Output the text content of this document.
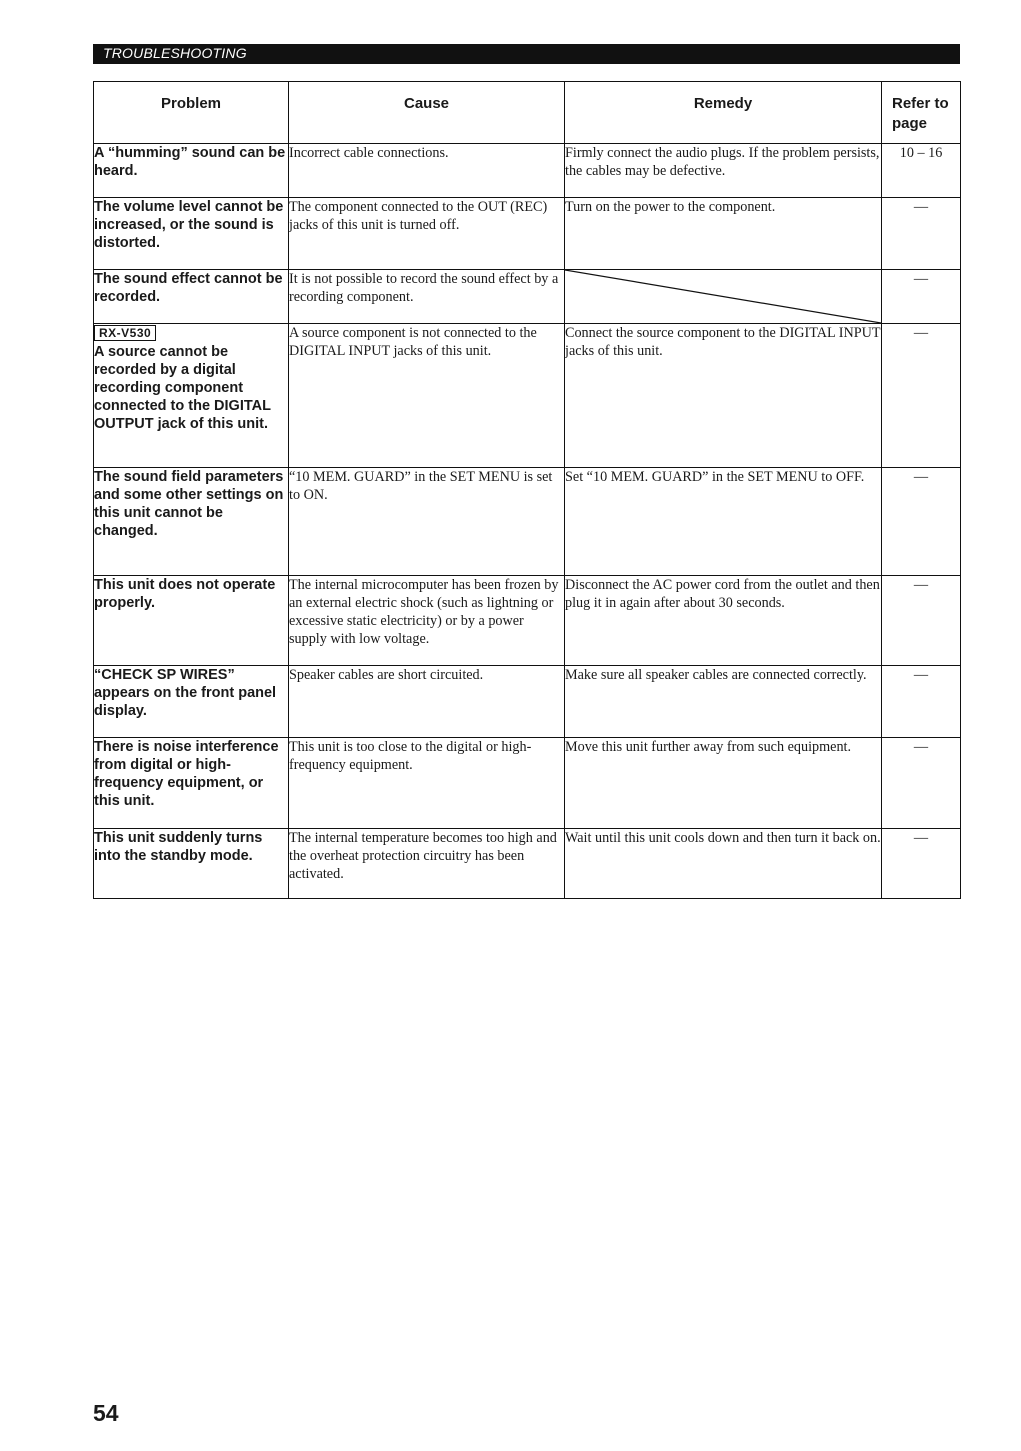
TROUBLESHOOTING
Problem	Cause	Remedy	Refer to page
A “humming” sound can be heard.	Incorrect cable connections.	Firmly connect the audio plugs. If the problem persists, the cables may be defective.	10 – 16
The volume level cannot be increased, or the sound is distorted.	The component connected to the OUT (REC) jacks of this unit is turned off.	Turn on the power to the component.	—
The sound effect cannot be recorded.	It is not possible to record the sound effect by a recording component.		—
RX-V530
A source cannot be recorded by a digital recording component connected to the DIGITAL OUTPUT jack of this unit.	A source component is not connected to the DIGITAL INPUT jacks of this unit.	Connect the source component to the DIGITAL INPUT jacks of this unit.	—
The sound field parameters and some other settings on this unit cannot be changed.	“10 MEM. GUARD” in the SET MENU is set to ON.	Set “10 MEM. GUARD” in the SET MENU to OFF.	—
This unit does not operate properly.	The internal microcomputer has been frozen by an external electric shock (such as lightning or excessive static electricity) or by a power supply with low voltage.	Disconnect the AC power cord from the outlet and then plug it in again after about 30 seconds.	—
“CHECK SP WIRES” appears on the front panel display.	Speaker cables are short circuited.	Make sure all speaker cables are connected correctly.	—
There is noise interference from digital or high-frequency equipment, or this unit.	This unit is too close to the digital or high-frequency equipment.	Move this unit further away from such equipment.	—
This unit suddenly turns into the standby mode.	The internal temperature becomes too high and the overheat protection circuitry has been activated.	Wait until this unit cools down and then turn it back on.	—
54
